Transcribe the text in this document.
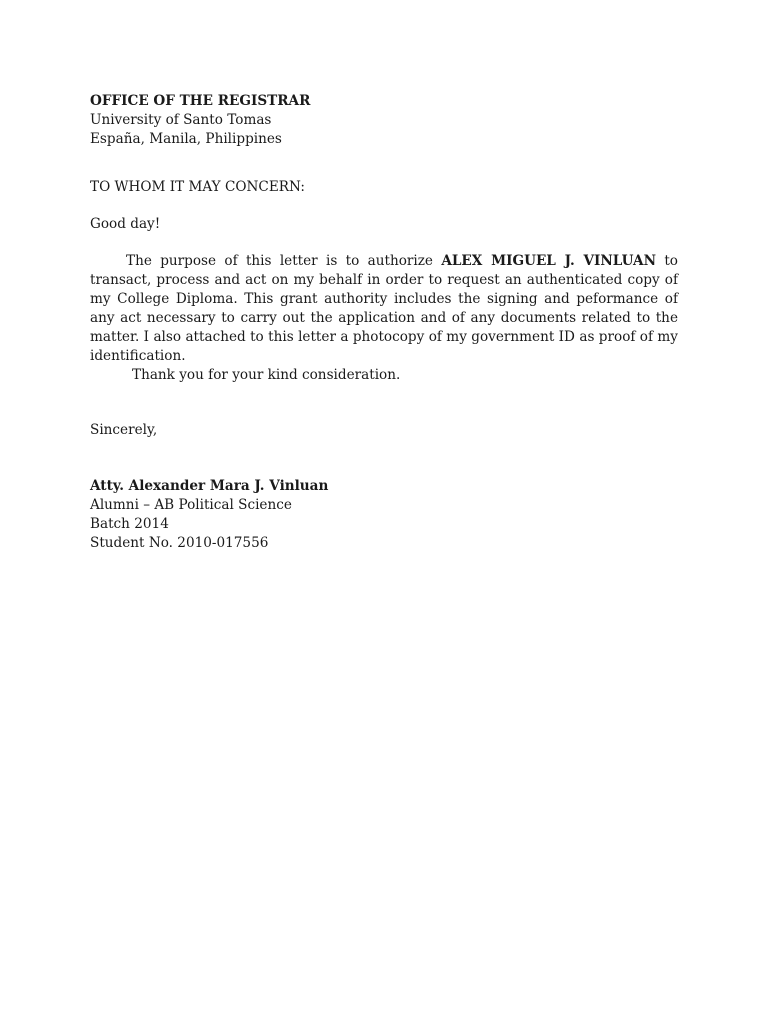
OFFICE OF THE REGISTRAR
University of Santo Tomas
España, Manila, Philippines

TO WHOM IT MAY CONCERN:

Good day!

The purpose of this letter is to authorize ALEX MIGUEL J. VINLUAN to transact, process and act on my behalf in order to request an authenticated copy of my College Diploma. This grant authority includes the signing and peformance of any act necessary to carry out the application and of any documents related to the matter. I also attached to this letter a photocopy of my government ID as proof of my identification.

Thank you for your kind consideration.

Sincerely,

Atty. Alexander Mara J. Vinluan
Alumni – AB Political Science
Batch 2014
Student No. 2010-017556
